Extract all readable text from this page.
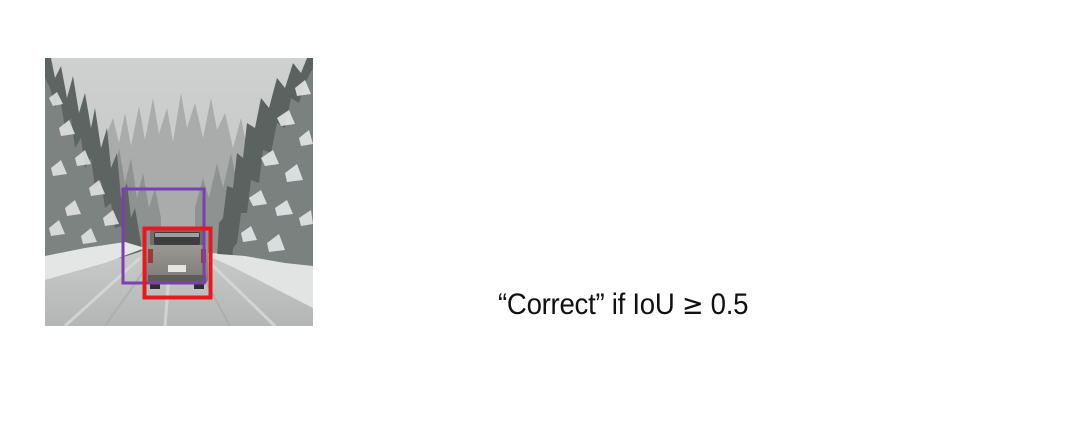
“Correct” if IoU ≥ 0.5
